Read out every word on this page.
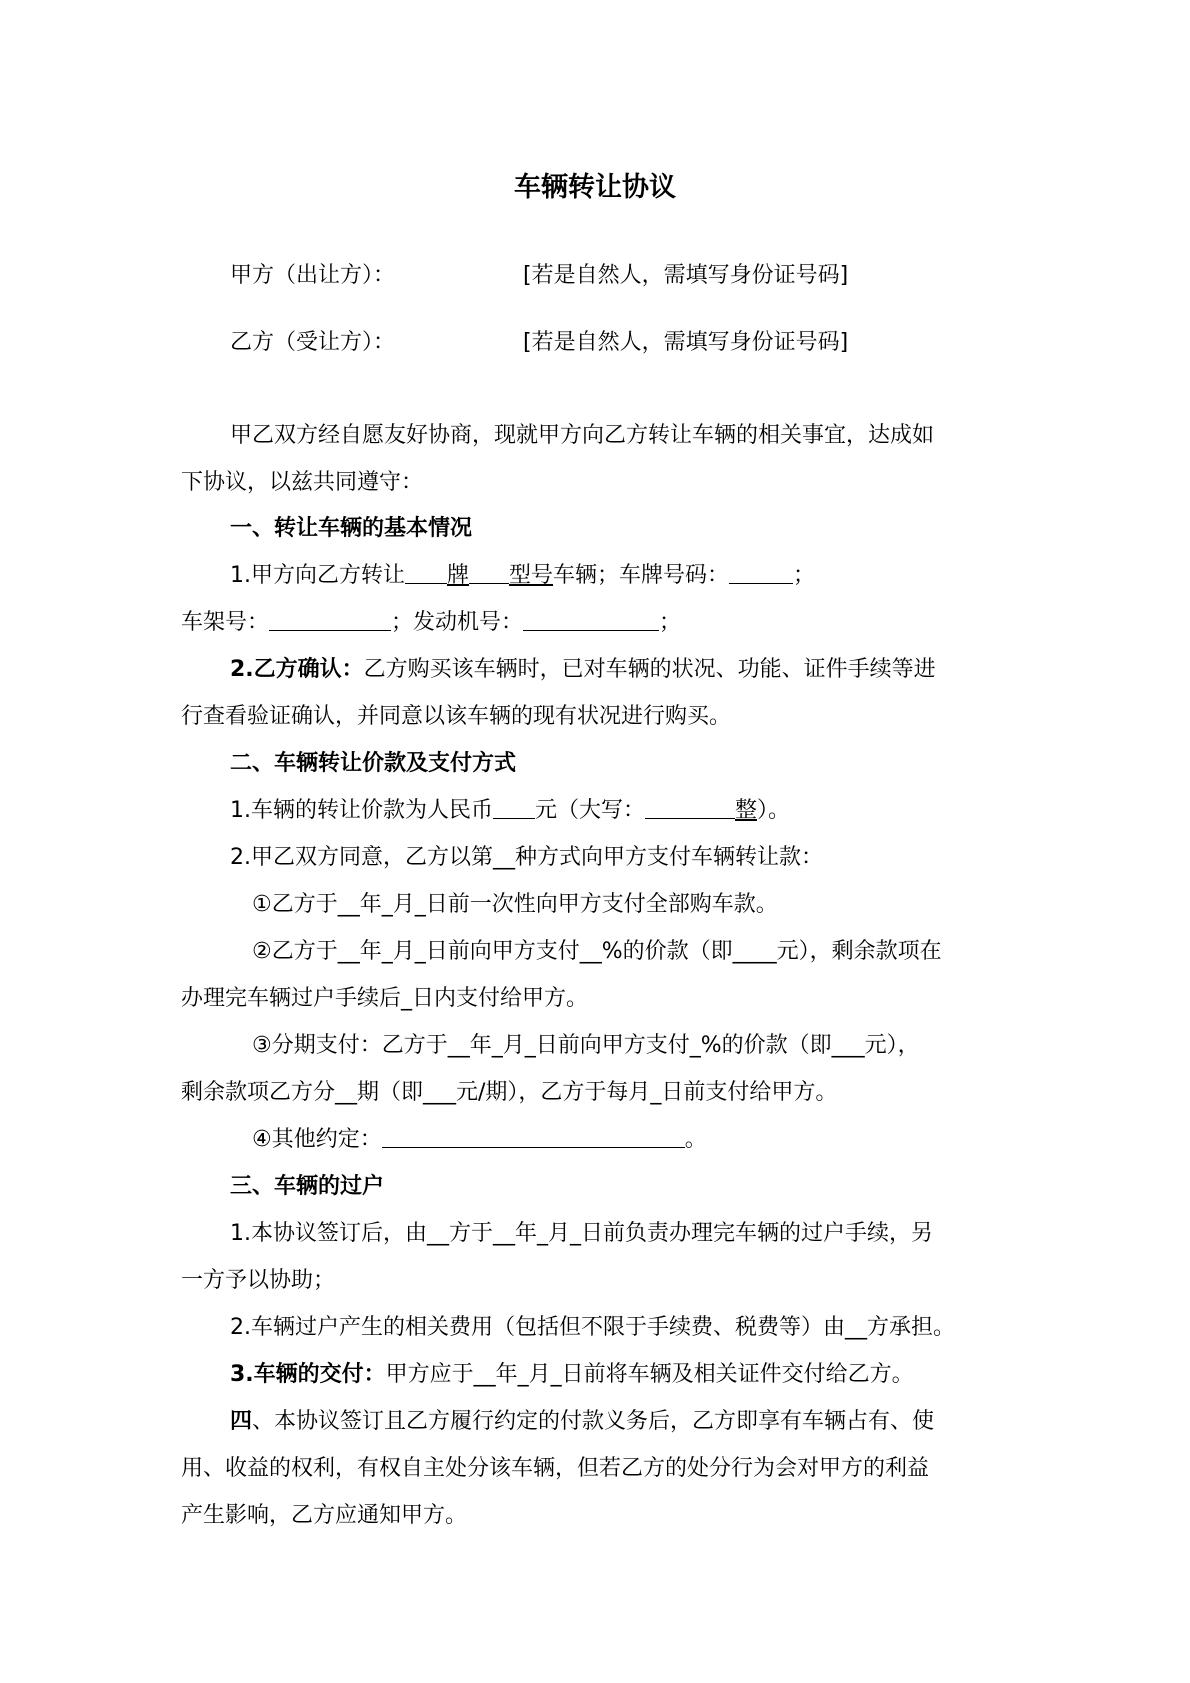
车辆转让协议
甲方（出让方）：	[若是自然人，需填写身份证号码]
乙方（受让方）：	[若是自然人，需填写身份证号码]
甲乙双方经自愿友好协商，现就甲方向乙方转让车辆的相关事宜，达成如
下协议，以兹共同遵守：
一、转让车辆的基本情况
1.甲方向乙方转让 牌 型号车辆；车牌号码：	；
车架号：	；发动机号：	；
2.乙方确认：乙方购买该车辆时，已对车辆的状况、功能、证件手续等进
行查看验证确认，并同意以该车辆的现有状况进行购买。
二、车辆转让价款及支付方式
1.车辆的转让价款为人民币 元（大写：	整）。
2.甲乙双方同意，乙方以第__种方式向甲方支付车辆转让款：
①乙方于__年_月_日前一次性向甲方支付全部购车款。
②乙方于__年_月_日前向甲方支付__%的价款（即____元），剩余款项在
办理完车辆过户手续后_日内支付给甲方。
③分期支付：乙方于__年_月_日前向甲方支付_%的价款（即___元），
剩余款项乙方分__期（即___元/期），乙方于每月_日前支付给甲方。
④其他约定：	。
三、车辆的过户
1.本协议签订后，由__方于__年_月_日前负责办理完车辆的过户手续，另
一方予以协助；
2.车辆过户产生的相关费用（包括但不限于手续费、税费等）由__方承担。
3.车辆的交付：甲方应于__年_月_日前将车辆及相关证件交付给乙方。
四、本协议签订且乙方履行约定的付款义务后，乙方即享有车辆占有、使
用、收益的权利，有权自主处分该车辆，但若乙方的处分行为会对甲方的利益
产生影响，乙方应通知甲方。
